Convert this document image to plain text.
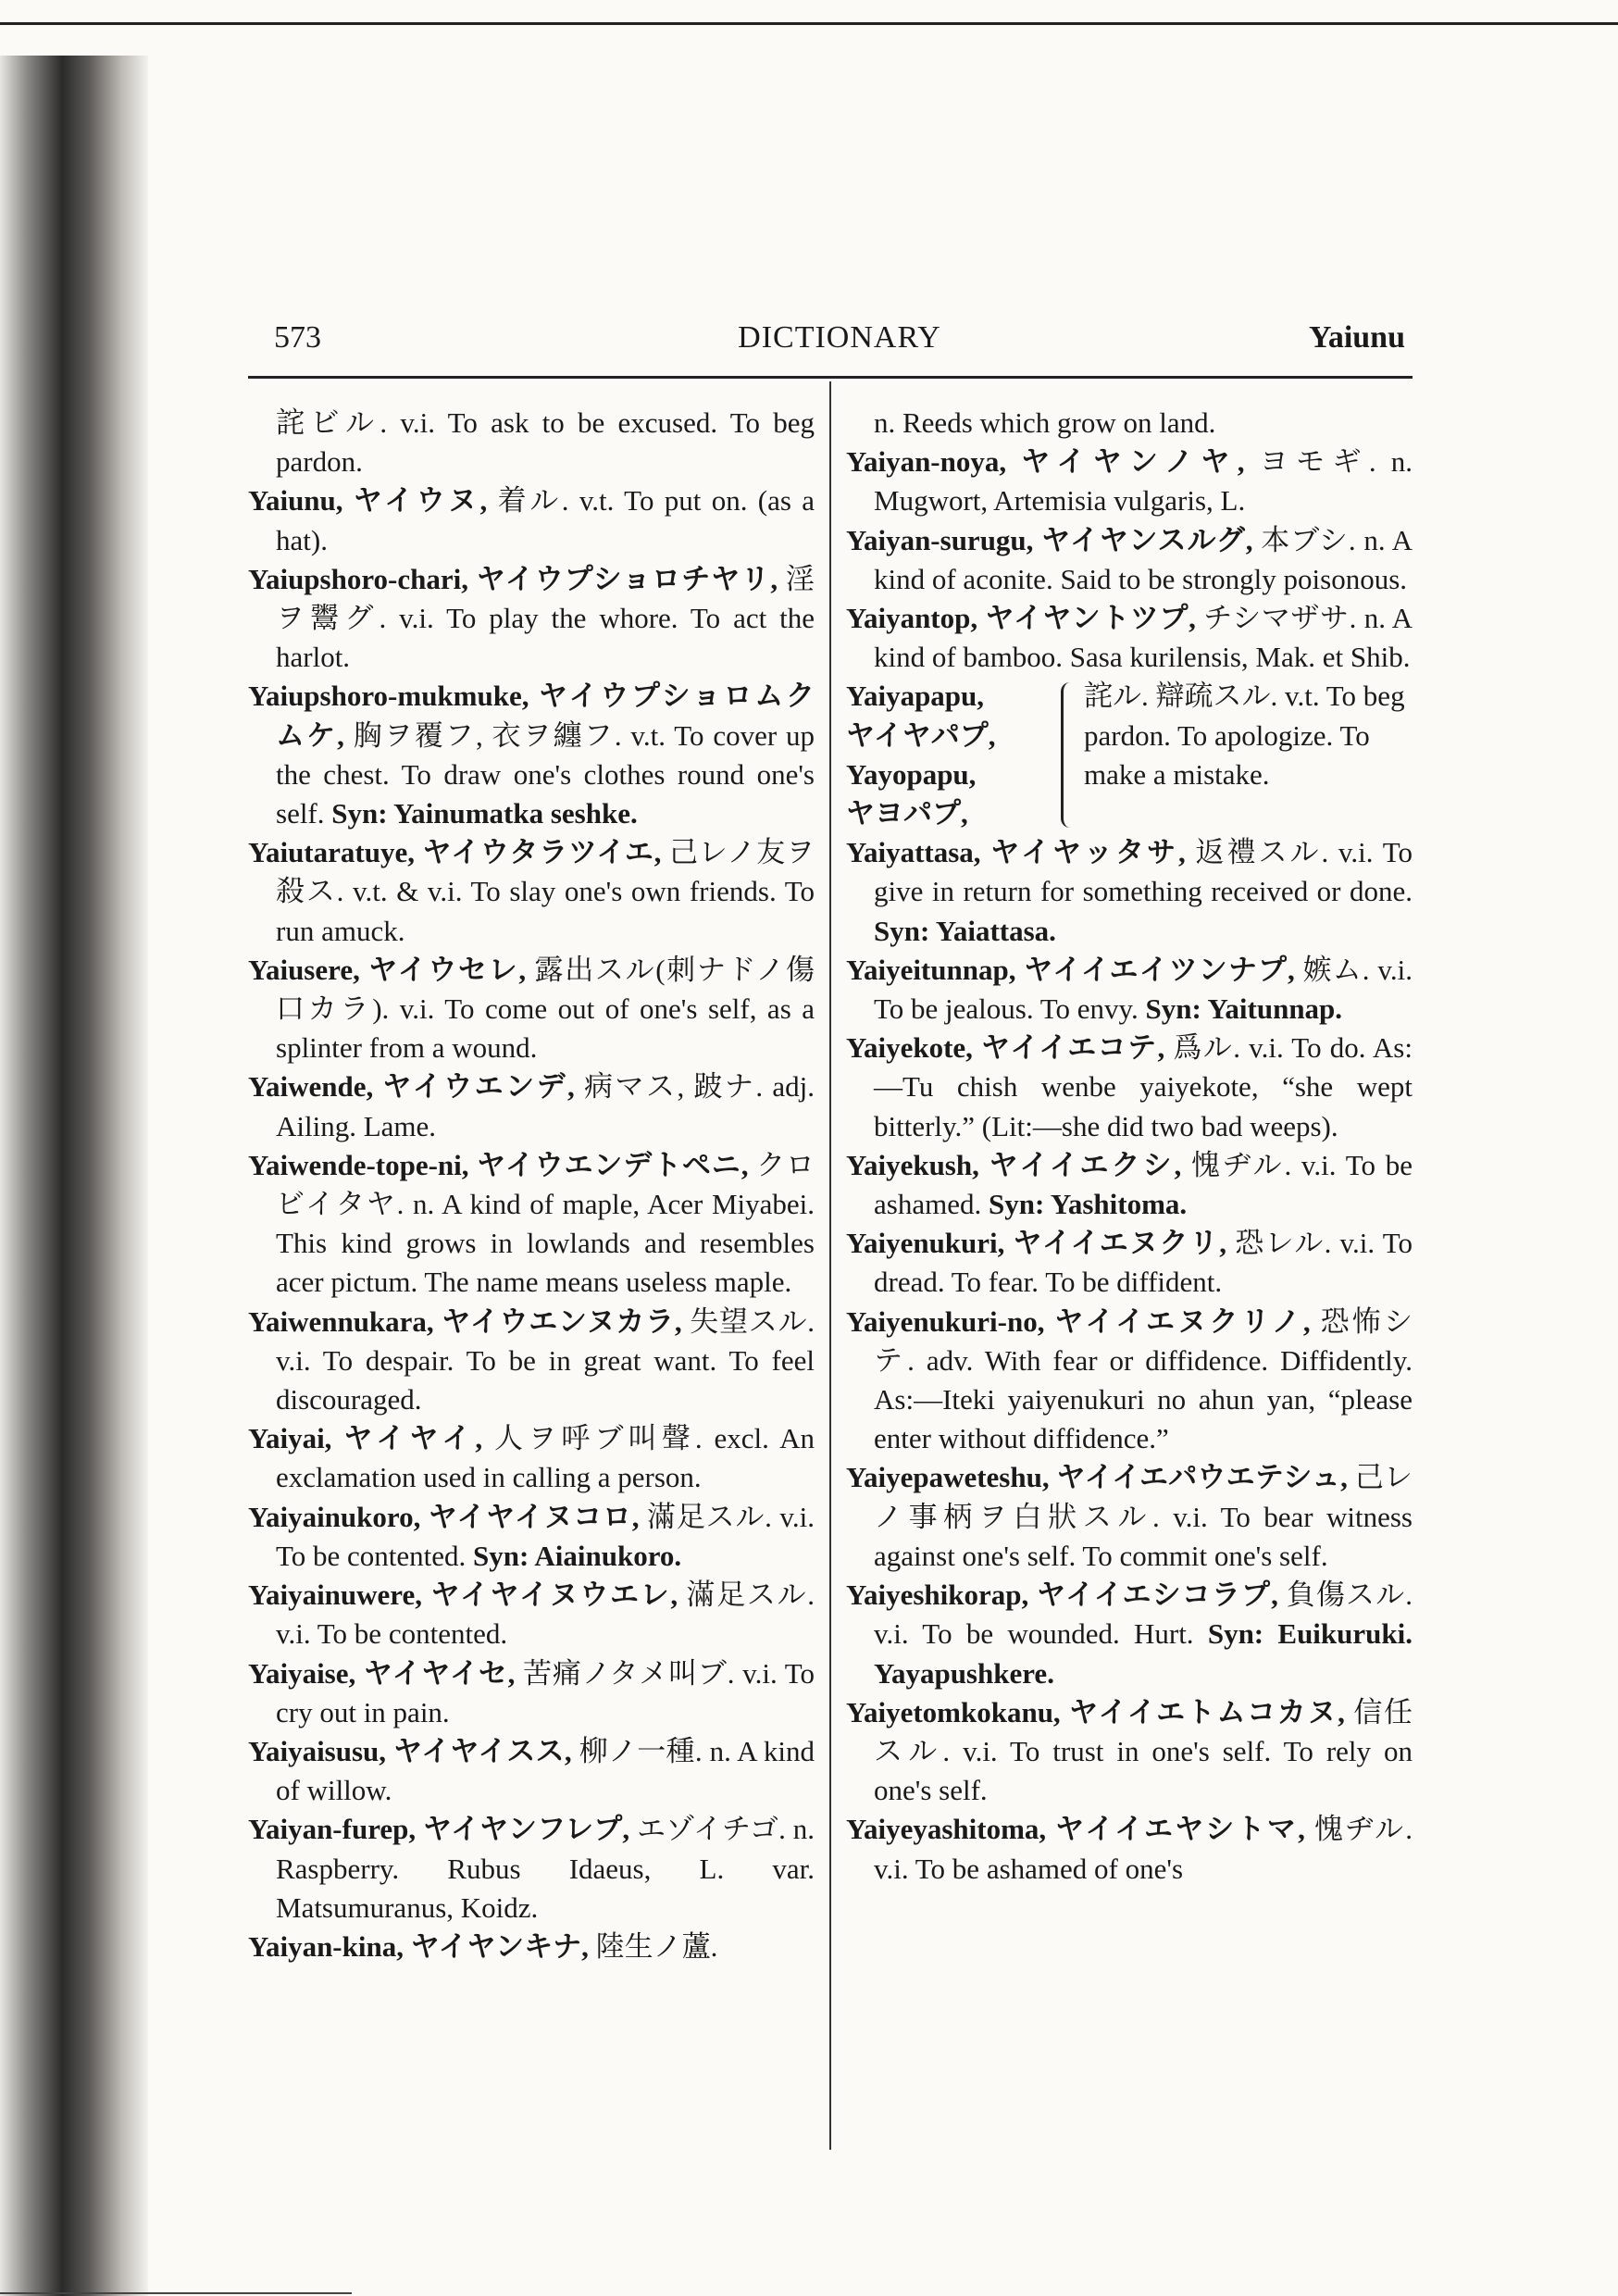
573	DICTIONARY	Yaiunu
詫ビル. v.i. To ask to be excused. To beg pardon.
Yaiunu, ヤイウヌ, 着ル. v.t. To put on. (as a hat).
Yaiupshoro-chari, ヤイウプショロチヤリ, 淫ヲ鬻グ. v.i. To play the whore. To act the harlot.
Yaiupshoro-mukmuke, ヤイウプショロムクムケ, 胸ヲ覆フ, 衣ヲ纏フ. v.t. To cover up the chest. To draw one's clothes round one's self. Syn: Yainumatka seshke.
Yaiutaratuye, ヤイウタラツイエ, 己レノ友ヲ殺ス. v.t. & v.i. To slay one's own friends. To run amuck.
Yaiusere, ヤイウセレ, 露出スル(刺ナドノ傷口カラ). v.i. To come out of one's self, as a splinter from a wound.
Yaiwende, ヤイウエンデ, 病マス, 跛ナ. adj. Ailing. Lame.
Yaiwende-tope-ni, ヤイウエンデトペニ, クロビイタヤ. n. A kind of maple, Acer Miyabei. This kind grows in lowlands and resembles acer pictum. The name means useless maple.
Yaiwennukara, ヤイウエンヌカラ, 失望スル. v.i. To despair. To be in great want. To feel discouraged.
Yaiyai, ヤイヤイ, 人ヲ呼ブ叫聲. excl. An exclamation used in calling a person.
Yaiyainukoro, ヤイヤイヌコロ, 滿足スル. v.i. To be contented. Syn: Aiainukoro.
Yaiyainuwere, ヤイヤイヌウエレ, 滿足スル. v.i. To be contented.
Yaiyaise, ヤイヤイセ, 苦痛ノタメ叫ブ. v.i. To cry out in pain.
Yaiyaisusu, ヤイヤイスス, 柳ノ一種. n. A kind of willow.
Yaiyan-furep, ヤイヤンフレプ, エゾイチゴ. n. Raspberry. Rubus Idaeus, L. var. Matsumuranus, Koidz.
Yaiyan-kina, ヤイヤンキナ, 陸生ノ蘆.
n. Reeds which grow on land.
Yaiyan-noya, ヤイヤンノヤ, ヨモギ. n. Mugwort, Artemisia vulgaris, L.
Yaiyan-surugu, ヤイヤンスルグ, 本ブシ. n. A kind of aconite. Said to be strongly poisonous.
Yaiyantop, ヤイヤントツプ, チシマザサ. n. A kind of bamboo. Sasa kurilensis, Mak. et Shib.
Yaiyapapu,
ヤイヤパプ,
Yayopapu,
ヤヨパプ,
詫ル. 辯疏スル. v.t. To beg pardon. To apologize. To make a mistake.
Yaiyattasa, ヤイヤッタサ, 返禮スル. v.i. To give in return for something received or done. Syn: Yaiattasa.
Yaiyeitunnap, ヤイイエイツンナプ, 嫉ム. v.i. To be jealous. To envy. Syn: Yaitunnap.
Yaiyekote, ヤイイエコテ, 爲ル. v.i. To do. As:—Tu chish wenbe yaiyekote, “she wept bitterly.” (Lit:—she did two bad weeps).
Yaiyekush, ヤイイエクシ, 愧ヂル. v.i. To be ashamed. Syn: Yashitoma.
Yaiyenukuri, ヤイイエヌクリ, 恐レル. v.i. To dread. To fear. To be diffident.
Yaiyenukuri-no, ヤイイエヌクリノ, 恐怖シテ. adv. With fear or diffidence. Diffidently. As:—Iteki yaiyenukuri no ahun yan, “please enter without diffidence.”
Yaiyepaweteshu, ヤイイエパウエテシュ, 己レノ事柄ヲ白狀スル. v.i. To bear witness against one's self. To commit one's self.
Yaiyeshikorap, ヤイイエシコラプ, 負傷スル. v.i. To be wounded. Hurt. Syn: Euikuruki. Yayapushkere.
Yaiyetomkokanu, ヤイイエトムコカヌ, 信任スル. v.i. To trust in one's self. To rely on one's self.
Yaiyeyashitoma, ヤイイエヤシトマ, 愧ヂル. v.i. To be ashamed of one's
